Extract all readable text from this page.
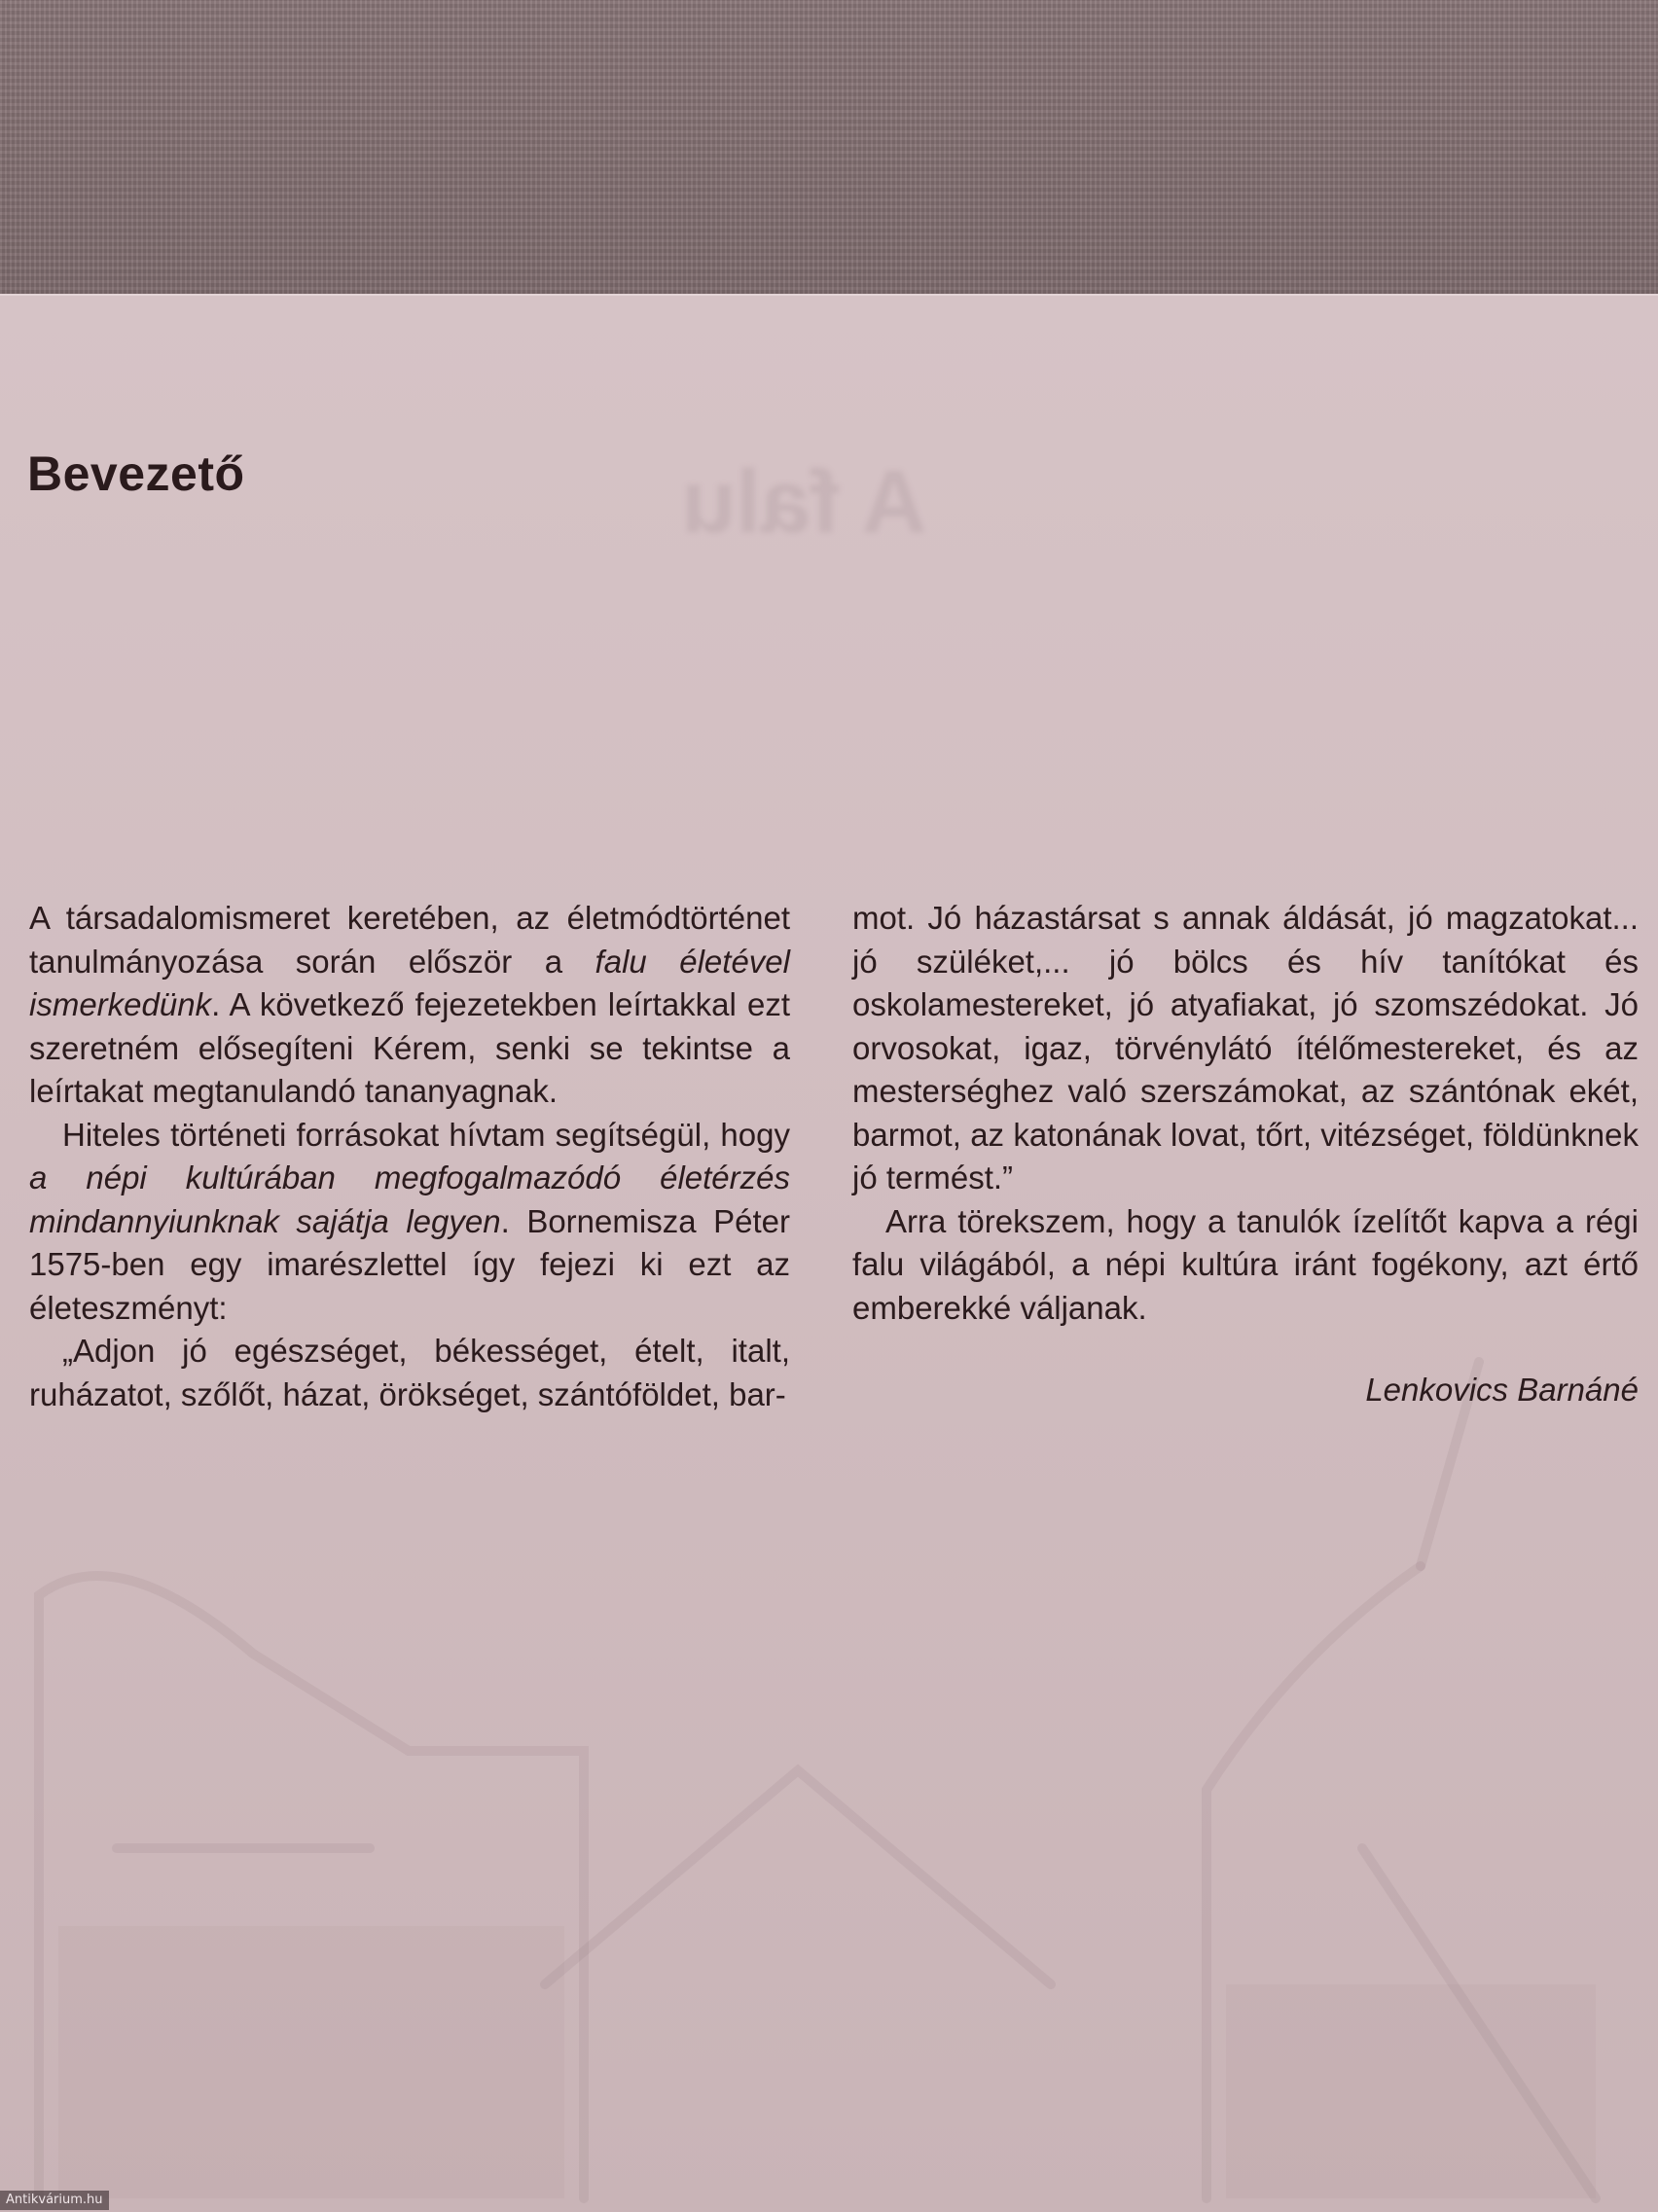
A falu

Bevezető

A társadalomismeret keretében, az életmódtörténet tanulmányozása során először a falu életével ismerkedünk. A következő fejezetekben leírtakkal ezt szeretném elősegíteni Kérem, senki se tekintse a leírtakat megtanulandó tananyagnak.

Hiteles történeti forrásokat hívtam segítségül, hogy a népi kultúrában megfogalmazódó életérzés mindannyiunknak sajátja legyen. Bornemisza Péter 1575-ben egy imarészlettel így fejezi ki ezt az életeszményt:

„Adjon jó egészséget, békességet, ételt, italt, ruházatot, szőlőt, házat, örökséget, szántóföldet, bar-

mot. Jó házastársat s annak áldását, jó magzatokat... jó szüléket,... jó bölcs és hív tanítókat és oskolamestereket, jó atyafiakat, jó szomszédokat. Jó orvosokat, igaz, törvénylátó ítélőmestereket, és az mesterséghez való szerszámokat, az szántónak ekét, barmot, az katonának lovat, tőrt, vitézséget, földünknek jó termést.”

Arra törekszem, hogy a tanulók ízelítőt kapva a régi falu világából, a népi kultúra iránt fogékony, azt értő emberekké váljanak.

Lenkovics Barnáné

Antikvárium.hu
